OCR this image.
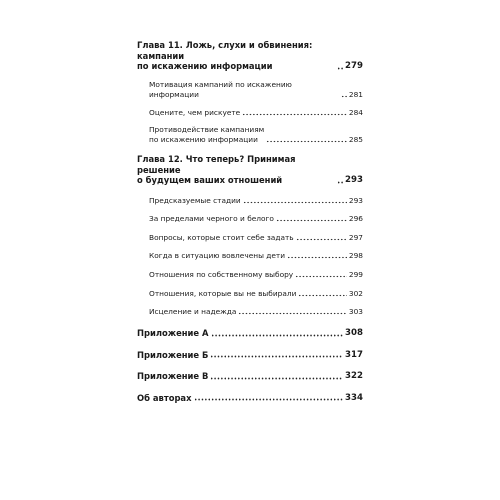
Глава 11. Ложь, слухи и обвинения: кампании
по искажению информации	279
Мотивация кампаний по искажению информации	281
Оцените, чем рискуете	284
Противодействие кампаниям
по искажению информации	285
Глава 12. Что теперь? Принимая решение
о будущем ваших отношений	293
Предсказуемые стадии	293
За пределами черного и белого	296
Вопросы, которые стоит себе задать	297
Когда в ситуацию вовлечены дети	298
Отношения по собственному выбору	299
Отношения, которые вы не выбирали	302
Исцеление и надежда	303
Приложение А	308
Приложение Б	317
Приложение В	322
Об авторах	334
